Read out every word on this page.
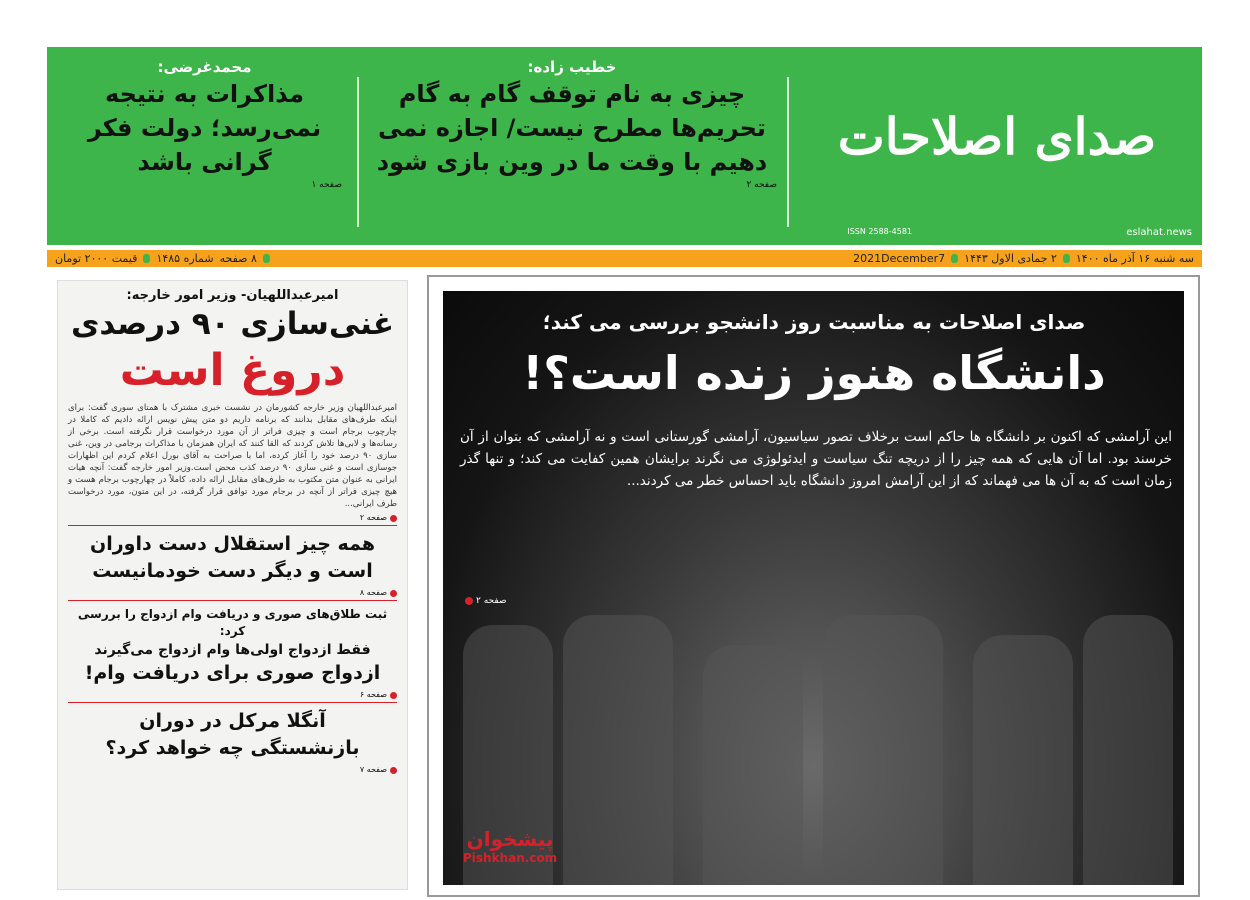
صدای اصلاحات
ISSN 2588-4581	eslahat.news
خطیب زاده:
چیزی به نام توقف گام به گام تحریم‌ها مطرح نیست/ اجازه نمی دهیم با وقت ما در وین بازی شود
صفحه ۲
محمدغرضی:
مذاکرات به نتیجه نمی‌رسد؛ دولت فکر گرانی باشد
صفحه ۱
سه شنبه ۱۶ آذر ماه ۱۴۰۰
۲ جمادی الاول ۱۴۴۳
2021December7
۸ صفحه
شماره ۱۴۸۵
قیمت ۲۰۰۰ تومان
امیرعبداللهیان- وزیر امور خارجه:
غنی‌سازی ۹۰ درصدی
دروغ است
امیرعبداللهیان وزیر خارجه کشورمان در نشست خبری مشترک با همتای سوری گفت: برای اینکه طرف‌های مقابل بدانند که برنامه داریم دو متن پیش نویس ارائه دادیم که کاملا در چارچوب برجام است و چیزی فراتر از آن مورد درخواست قرار نگرفته است. برخی از رسانه‌ها و لابی‌ها تلاش کردند که القا کنند که ایران همزمان با مذاکرات برجامی در وین، غنی سازی ۹۰ درصد خود را آغاز کرده، اما با صراحت به آقای بورل اعلام کردم این اظهارات جوسازی است و غنی سازی ۹۰ درصد کذب محض است.وزیر امور خارجه گفت: آنچه هیات ایرانی به عنوان متن مکتوب به طرف‌های مقابل ارائه داده، کاملاً در چهارچوب برجام هست و هیچ چیزی فراتر از آنچه در برجام مورد توافق قرار گرفته، در این متون، مورد درخواست طرف ایرانی...
صفحه ۲
همه چیز استقلال دست داوران است و دیگر دست خودمانیست
صفحه ۸
ثبت طلاق‌های صوری و دریافت وام ازدواج را بررسی کرد:
فقط ازدواج اولی‌ها وام ازدواج می‌گیرند
ازدواج صوری برای دریافت وام!
صفحه ۶
آنگلا مرکل در دوران بازنشستگی چه خواهد کرد؟
صفحه ۷
صدای اصلاحات به مناسبت روز دانشجو بررسی می کند؛
دانشگاه هنوز زنده است؟!
این آرامشی که اکنون بر دانشگاه ها حاکم است برخلاف تصور سیاسیون، آرامشی گورستانی است و نه آرامشی که بتوان از آن خرسند بود. اما آن هایی که همه چیز را از دریچه تنگ سیاست و ایدئولوژی می نگرند برایشان همین کفایت می کند؛ و تنها گذر زمان است که به آن ها می فهماند که از این آرامش امروز دانشگاه باید احساس خطر می کردند...
صفحه ۲
پیشخوان
Pishkhan.com
